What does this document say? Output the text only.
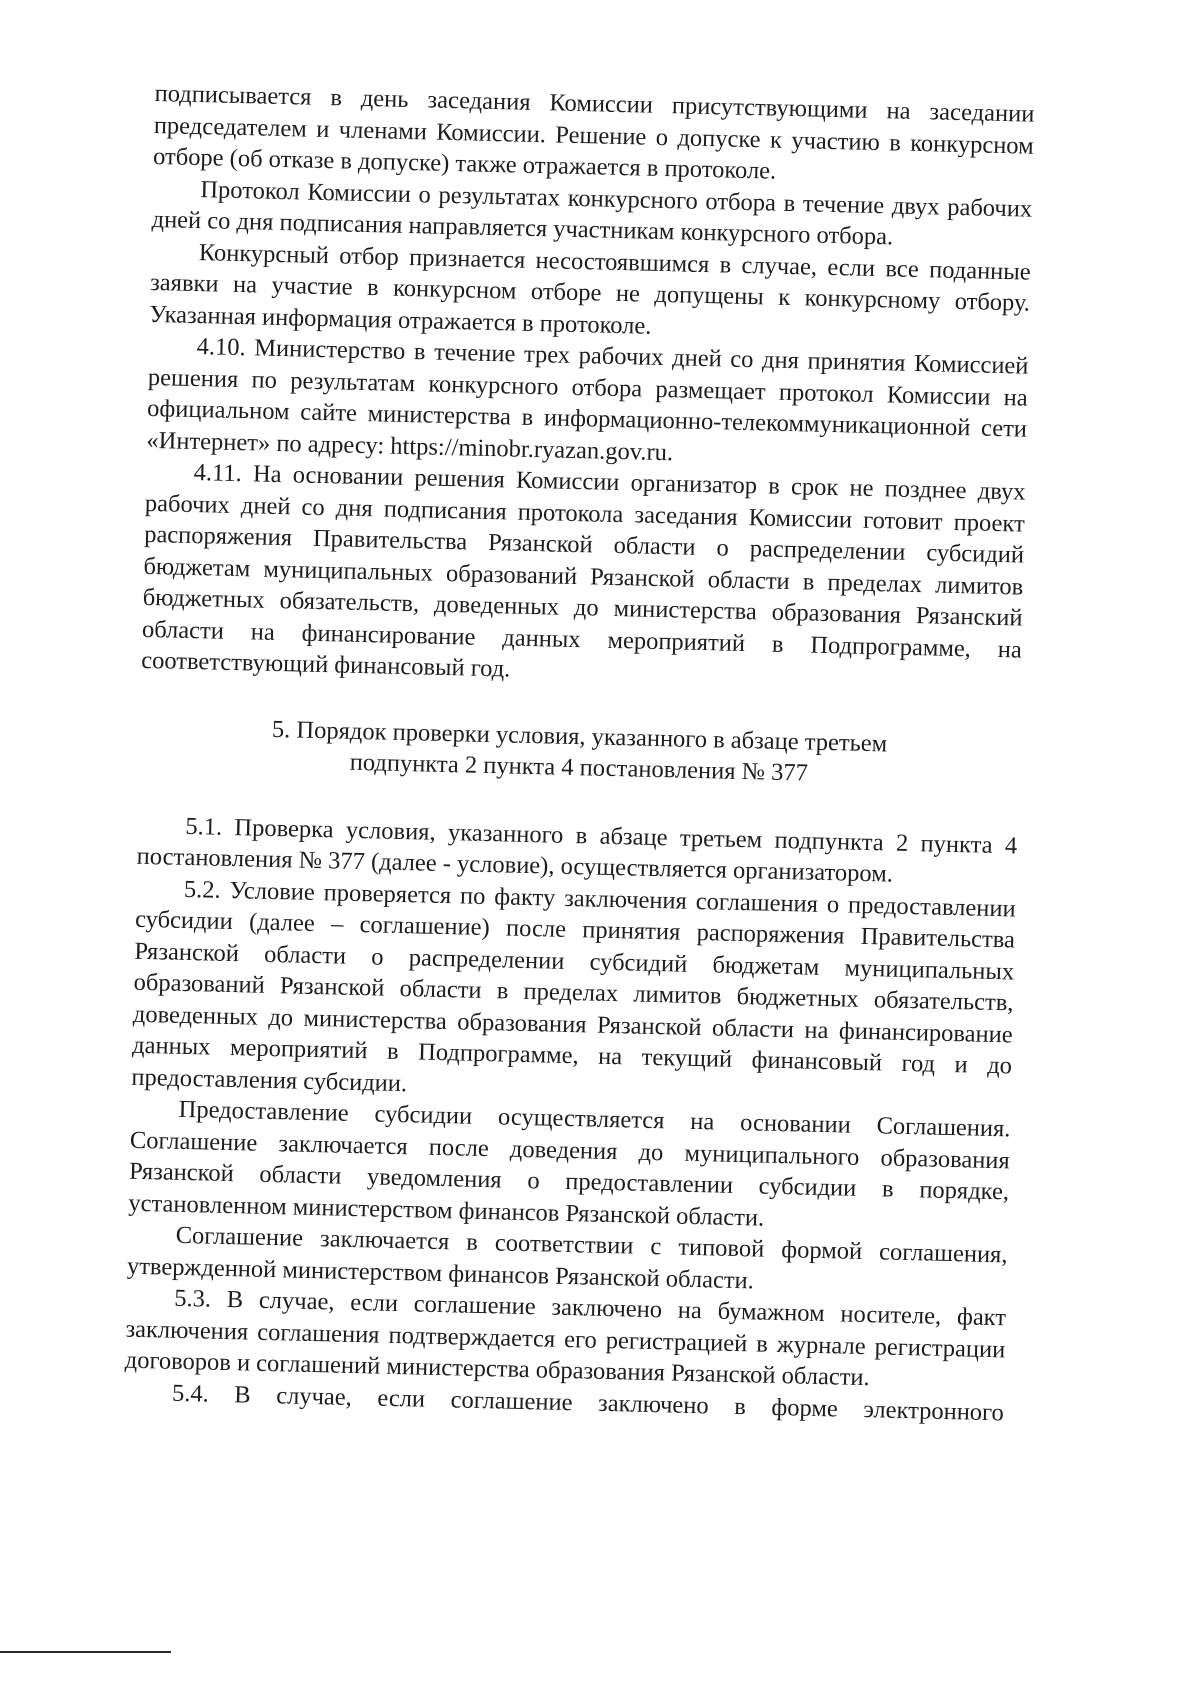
подписывается в день заседания Комиссии присутствующими на заседании председателем и членами Комиссии. Решение о допуске к участию в конкурсном отборе (об отказе в допуске) также отражается в протоколе.

Протокол Комиссии о результатах конкурсного отбора в течение двух рабочих дней со дня подписания направляется участникам конкурсного отбора.

Конкурсный отбор признается несостоявшимся в случае, если все поданные заявки на участие в конкурсном отборе не допущены к конкурсному отбору. Указанная информация отражается в протоколе.

4.10. Министерство в течение трех рабочих дней со дня принятия Комиссией решения по результатам конкурсного отбора размещает протокол Комиссии на официальном сайте министерства в информационно-телекоммуникационной сети «Интернет» по адресу: https://minobr.ryazan.gov.ru.

4.11. На основании решения Комиссии организатор в срок не позднее двух рабочих дней со дня подписания протокола заседания Комиссии готовит проект распоряжения Правительства Рязанской области о распределении субсидий бюджетам муниципальных образований Рязанской области в пределах лимитов бюджетных обязательств, доведенных до министерства образования Рязанский области на финансирование данных мероприятий в Подпрограмме, на соответствующий финансовый год.

5. Порядок проверки условия, указанного в абзаце третьем
подпункта 2 пункта 4 постановления № 377

5.1. Проверка условия, указанного в абзаце третьем подпункта 2 пункта 4 постановления № 377 (далее - условие), осуществляется организатором.

5.2. Условие проверяется по факту заключения соглашения о предоставлении субсидии (далее – соглашение) после принятия распоряжения Правительства Рязанской области о распределении субсидий бюджетам муниципальных образований Рязанской области в пределах лимитов бюджетных обязательств, доведенных до министерства образования Рязанской области на финансирование данных мероприятий в Подпрограмме, на текущий финансовый год и до предоставления субсидии.

Предоставление субсидии осуществляется на основании Соглашения. Соглашение заключается после доведения до муниципального образования Рязанской области уведомления о предоставлении субсидии в порядке, установленном министерством финансов Рязанской области.

Соглашение заключается в соответствии с типовой формой соглашения, утвержденной министерством финансов Рязанской области.

5.3. В случае, если соглашение заключено на бумажном носителе, факт заключения соглашения подтверждается его регистрацией в журнале регистрации договоров и соглашений министерства образования Рязанской области.

5.4. В случае, если соглашение заключено в форме электронного
